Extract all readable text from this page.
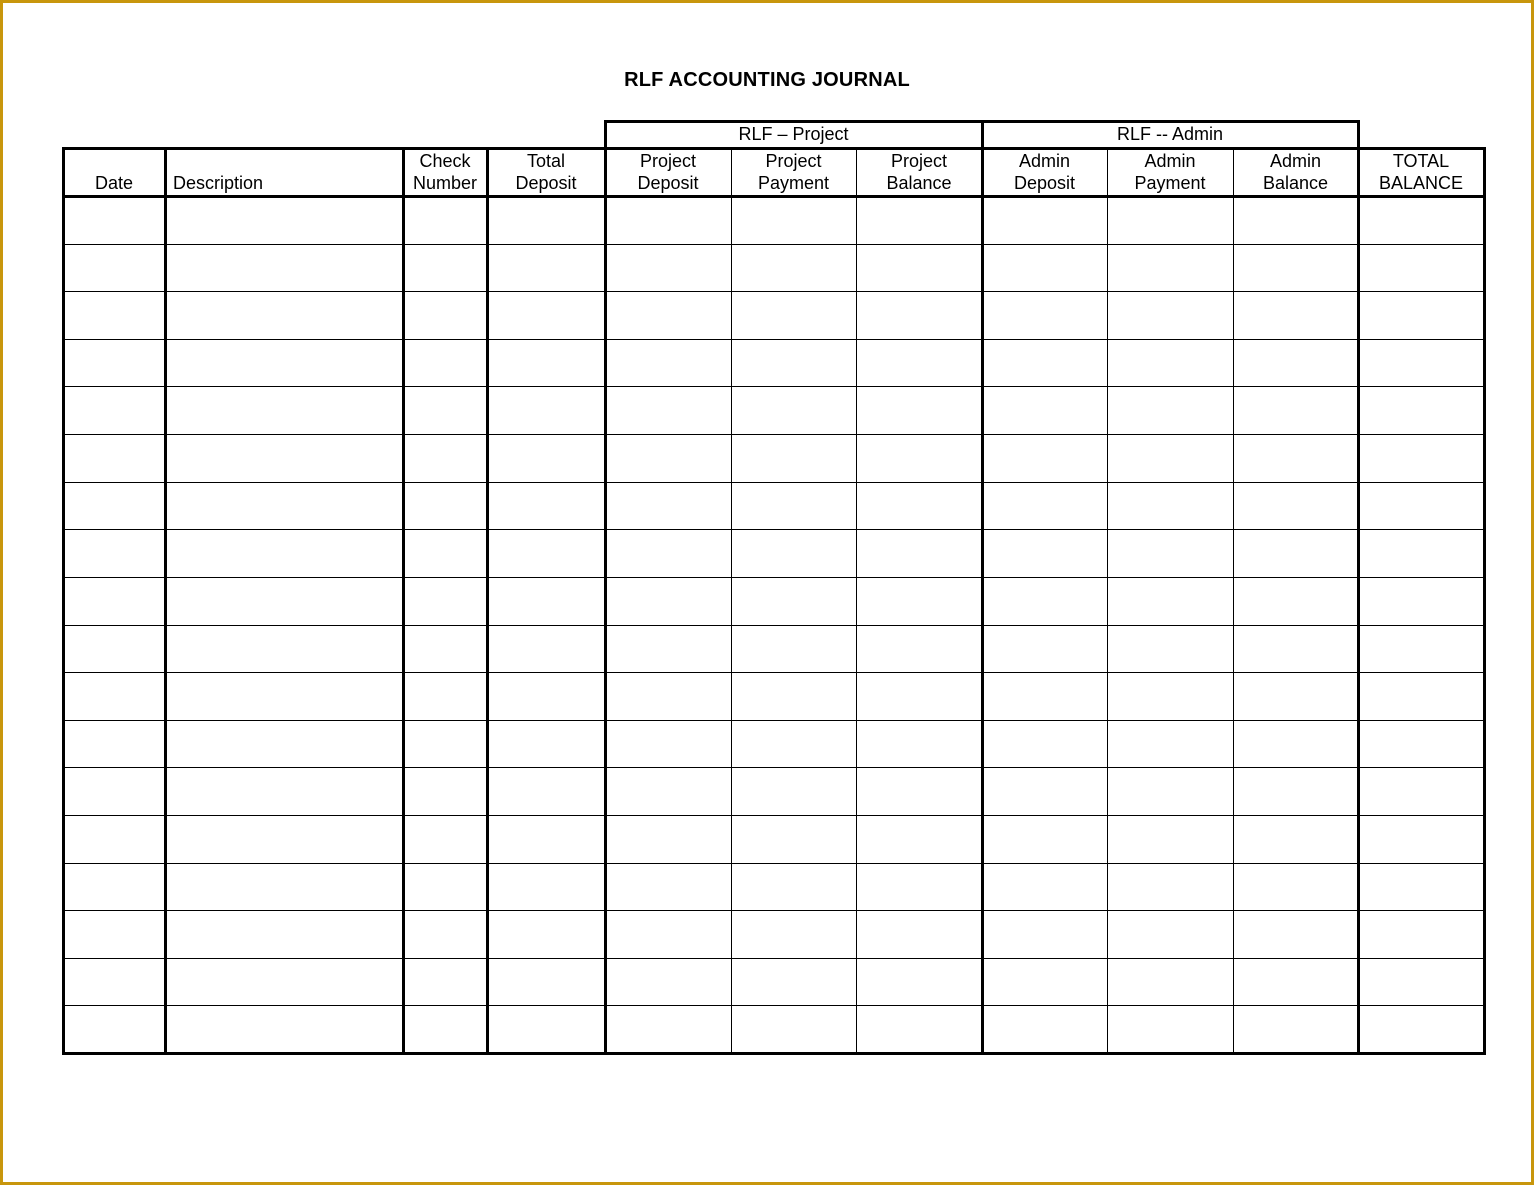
RLF ACCOUNTING JOURNAL
RLF – Project	RLF -- Admin
Date	Description
Check
Number
Total
Deposit
Project
Deposit
Project
Payment
Project
Balance
Admin
Deposit
Admin
Payment
Admin
Balance
TOTAL
BALANCE
